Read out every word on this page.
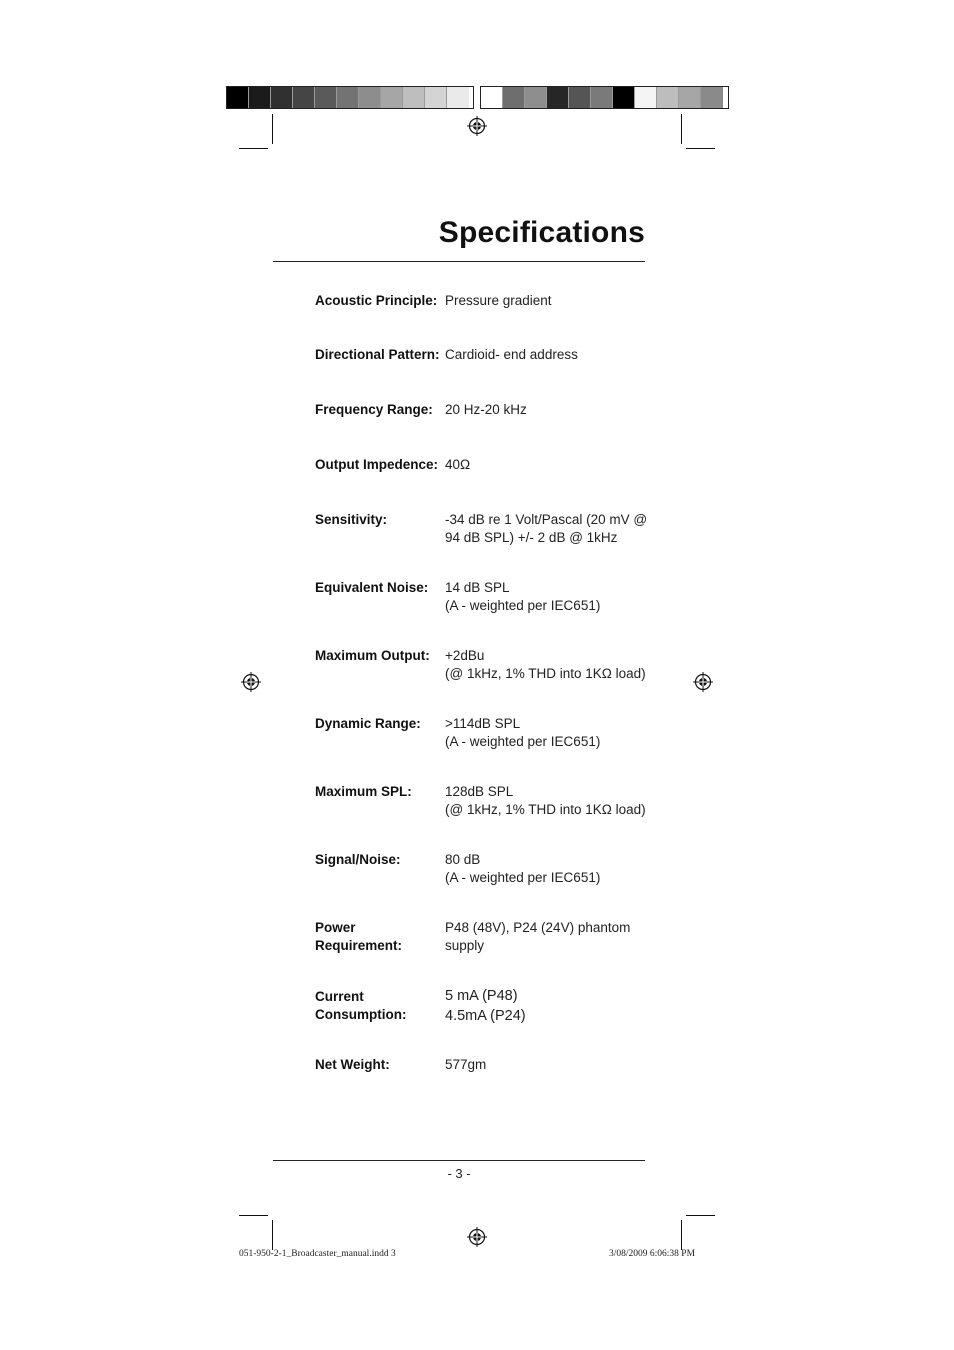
Specifications
Acoustic Principle: Pressure gradient
Directional Pattern: Cardioid- end address
Frequency Range: 20 Hz-20 kHz
Output Impedence: 40Ω
Sensitivity:	-34 dB re 1 Volt/Pascal (20 mV @
94 dB SPL) +/- 2 dB @ 1kHz
Equivalent Noise:	14 dB SPL
(A - weighted per IEC651)
Maximum Output:	+2dBu
(@ 1kHz, 1% THD into 1KΩ load)
Dynamic Range:	>114dB SPL
(A - weighted per IEC651)
Maximum SPL:	128dB SPL
(@ 1kHz, 1% THD into 1KΩ load)
Signal/Noise:	80 dB
(A - weighted per IEC651)
Power Requirement:
P48 (48V), P24 (24V) phantom
supply
Current Consumption:
5 mA (P48)
4.5mA (P24)
Net Weight:	577gm
- 3 -
051-950-2-1_Broadcaster_manual.indd 3	3/08/2009 6:06:38 PM
